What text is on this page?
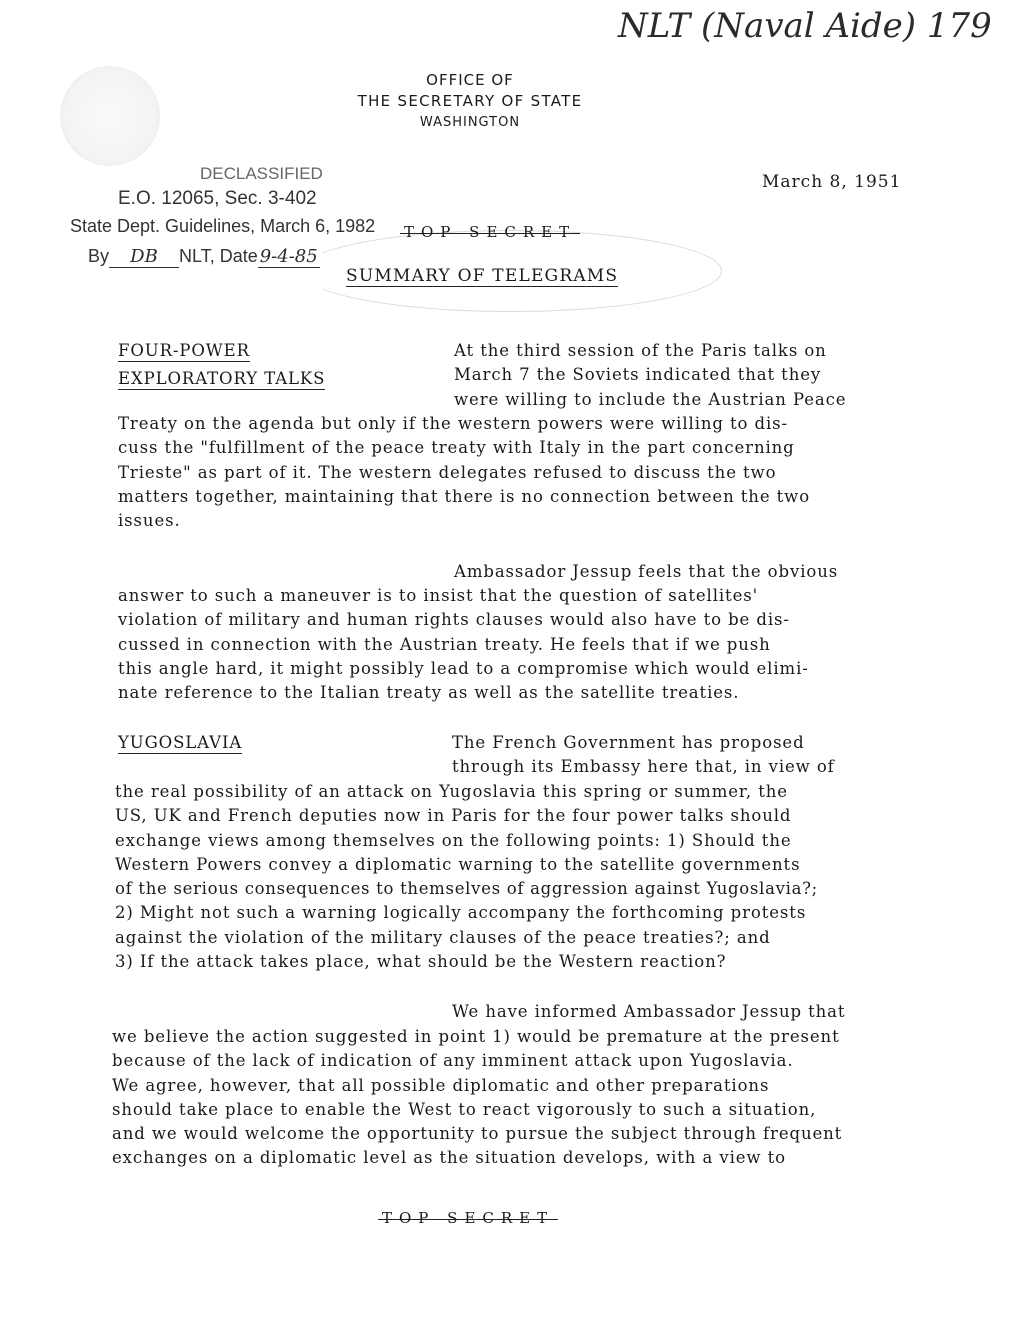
NLT (Naval Aide) 179
OFFICE OF
THE SECRETARY OF STATE
WASHINGTON
DECLASSIFIED
E.O. 12065, Sec. 3-402
State Dept. Guidelines, March 6, 1982
By DB NLT, Date 9-4-85
March 8, 1951
TOP SECRET
SUMMARY OF TELEGRAMS
FOUR-POWER
EXPLORATORY TALKS
At the third session of the Paris talks on
March 7 the Soviets indicated that they
were willing to include the Austrian Peace
Treaty on the agenda but only if the western powers were willing to dis-
cuss the "fulfillment of the peace treaty with Italy in the part concerning
Trieste" as part of it. The western delegates refused to discuss the two
matters together, maintaining that there is no connection between the two
issues.
Ambassador Jessup feels that the obvious
answer to such a maneuver is to insist that the question of satellites'
violation of military and human rights clauses would also have to be dis-
cussed in connection with the Austrian treaty. He feels that if we push
this angle hard, it might possibly lead to a compromise which would elimi-
nate reference to the Italian treaty as well as the satellite treaties.
YUGOSLAVIA	The French Government has proposed
through its Embassy here that, in view of
the real possibility of an attack on Yugoslavia this spring or summer, the
US, UK and French deputies now in Paris for the four power talks should
exchange views among themselves on the following points: 1) Should the
Western Powers convey a diplomatic warning to the satellite governments
of the serious consequences to themselves of aggression against Yugoslavia?;
2) Might not such a warning logically accompany the forthcoming protests
against the violation of the military clauses of the peace treaties?; and
3) If the attack takes place, what should be the Western reaction?
We have informed Ambassador Jessup that
we believe the action suggested in point 1) would be premature at the present
because of the lack of indication of any imminent attack upon Yugoslavia.
We agree, however, that all possible diplomatic and other preparations
should take place to enable the West to react vigorously to such a situation,
and we would welcome the opportunity to pursue the subject through frequent
exchanges on a diplomatic level as the situation develops, with a view to
TOP SECRET
